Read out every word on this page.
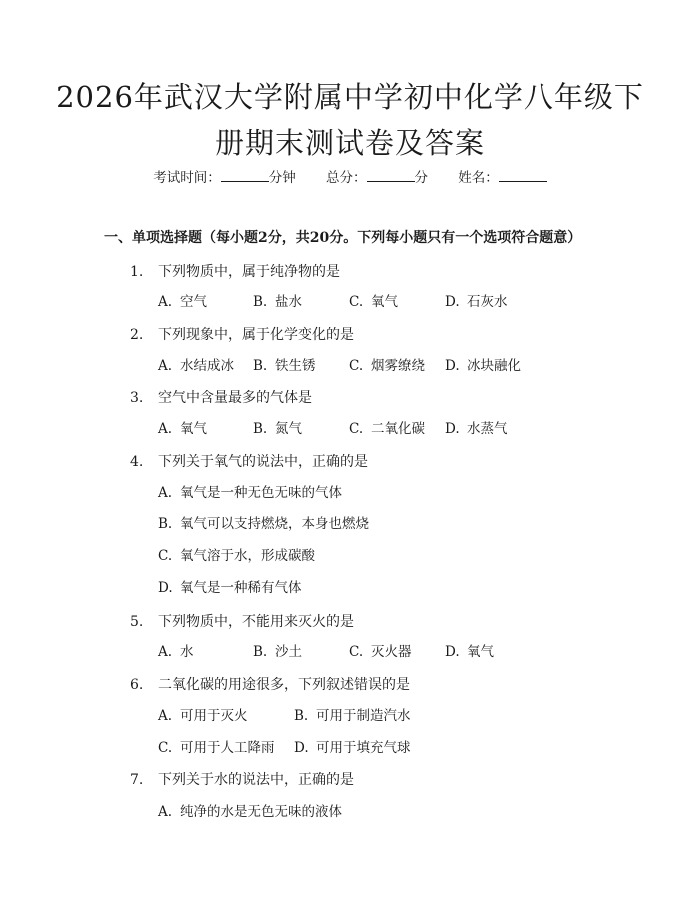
2026年武汉大学附属中学初中化学八年级下
册期末测试卷及答案
考试时间：	分钟 总分：	分 姓名：
一、单项选择题（每小题2分，共20分。下列每小题只有一个选项符合题意）
1. 下列物质中，属于纯净物的是
A. 空气	B. 盐水	C. 氧气	D. 石灰水
2. 下列现象中，属于化学变化的是
A. 水结成冰 B. 铁生锈 C. 烟雾缭绕 D. 冰块融化
3. 空气中含量最多的气体是
A. 氧气	B. 氮气	C. 二氧化碳 D. 水蒸气
4. 下列关于氧气的说法中，正确的是
A. 氧气是一种无色无味的气体
B. 氧气可以支持燃烧，本身也燃烧
C. 氧气溶于水，形成碳酸
D. 氧气是一种稀有气体
5. 下列物质中，不能用来灭火的是
A. 水	B. 沙土	C. 灭火器 D. 氧气
6. 二氧化碳的用途很多，下列叙述错误的是
A. 可用于灭火	B. 可用于制造汽水
C. 可用于人工降雨 D. 可用于填充气球
7. 下列关于水的说法中，正确的是
A. 纯净的水是无色无味的液体
